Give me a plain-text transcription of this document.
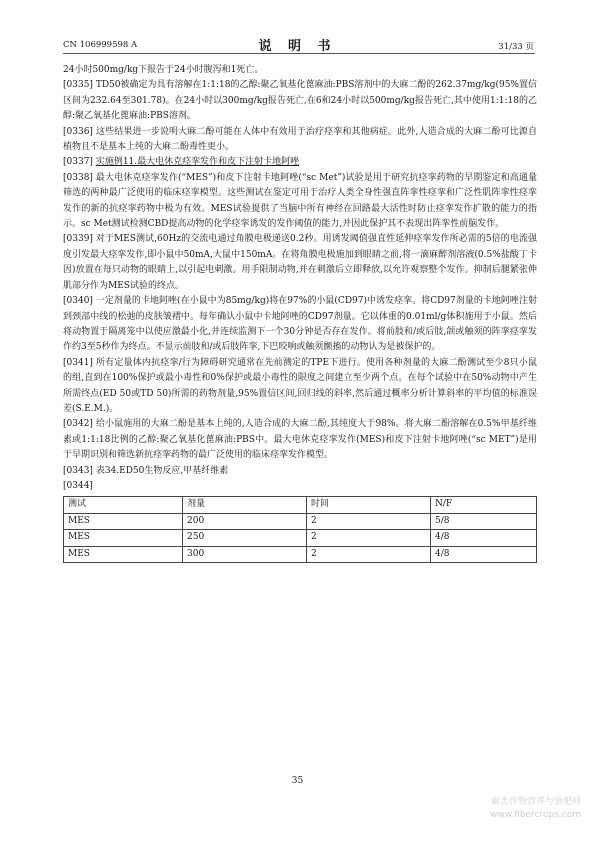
CN 106999598 A	说 明 书	31/33 页

24小时500mg/kg下报告于24小时腹泻和1死亡。

[0335] TD50被确定为具有溶解在1:1:18的乙醇:聚乙氧基化蓖麻油:PBS溶剂中的大麻二酚的262.37mg/kg(95%置信区间为232.64至301.78)。在24小时以300mg/kg报告死亡,在6和24小时以500mg/kg报告死亡,其中使用1:1:18的乙醇:聚乙氧基化蓖麻油:PBS溶剂。

[0336] 这些结果进一步说明大麻二酚可能在人体中有效用于治疗痉挛和其他病症。此外,人造合成的大麻二酚可比源自植物且不是基本上纯的大麻二酚毒性更小。

[0337] 实施例11.最大电休克痉挛发作和皮下注射卡地阿唑

[0338] 最大电休克痉挛发作(“MES”)和皮下注射卡地阿唑(“sc Met”)试验是用于研究抗痉挛药物的早期鉴定和高通量筛选的两种最广泛使用的临床痉挛模型。这些测试在鉴定可用于治疗人类全身性强直阵挛性痉挛和广泛性肌阵挛性痉挛发作的新的抗痉挛药物中极为有效。MES试验提供了当脑中所有神经在回路最大活性时防止痉挛发作扩散的能力的指示。sc Met测试检测CBD提高动物的化学痉挛诱发的发作阈值的能力,并因此保护其不表现出阵挛性前脑发作。

[0339] 对于MES测试,60Hz的交流电通过角膜电极递送0.2秒。用诱发阈值强直性延伸痉挛发作所必需的5倍的电流强度引发最大痉挛发作,即小鼠中50mA,大鼠中150mA。在将角膜电极施加到眼睛之前,将一滴麻醉剂溶液(0.5%盐酸丁卡因)放置在每只动物的眼睛上,以引起电刺激。用手限制动物,并在刺激后立即释放,以允许观察整个发作。抑制后腿紧张伸肌部分作为MES试验的终点。

[0340] 一定剂量的卡地阿唑(在小鼠中为85mg/kg)将在97%的小鼠(CD97)中诱发痉挛。将CD97剂量的卡地阿唑注射到颈部中线的松弛的皮肤皱褶中。每年确认小鼠中卡地阿唑的CD97剂量。它以体重的0.01ml/g体积施用于小鼠。然后将动物置于隔离笼中以使应激最小化,并连续监测下一个30分钟是否存在发作。将前肢和/或后肢,颌或触须的阵挛痉挛发作约3至5秒作为终点。不显示前肢和/或后肢阵挛,下巴咬响或触须颤搐的动物认为是被保护的。

[0341] 所有定量体内抗痉挛/行为障碍研究通常在先前测定的TPE下进行。使用各种剂量的大麻二酚测试至少8只小鼠的组,直到在100%保护或最小毒性和0%保护或最小毒性的限度之间建立至少两个点。在每个试验中在50%动物中产生所需终点(ED 50或TD 50)所需的药物剂量,95%置信区间,回归线的斜率,然后通过概率分析计算斜率的平均值的标准误差(S.E.M.)。

[0342] 给小鼠施用的大麻二酚是基本上纯的,人造合成的大麻二酚,其纯度大于98%。将大麻二酚溶解在0.5%甲基纤维素或1:1:18比例的乙醇:聚乙氧基化蓖麻油:PBS中。最大电休克痉挛发作(MES)和皮下注射卡地阿唑(“sc MET”)是用于早期识别和筛选新抗痉挛药物的最广泛使用的临床痉挛发作模型。

[0343] 表34.ED50生物反应,甲基纤维素

[0344]

测试	剂量	时间	N/F
MES	200	2	5/8
MES	250	2	4/8
MES	300	2	4/8
35
麻类作物营养与施肥网
www.fibercrops.com
